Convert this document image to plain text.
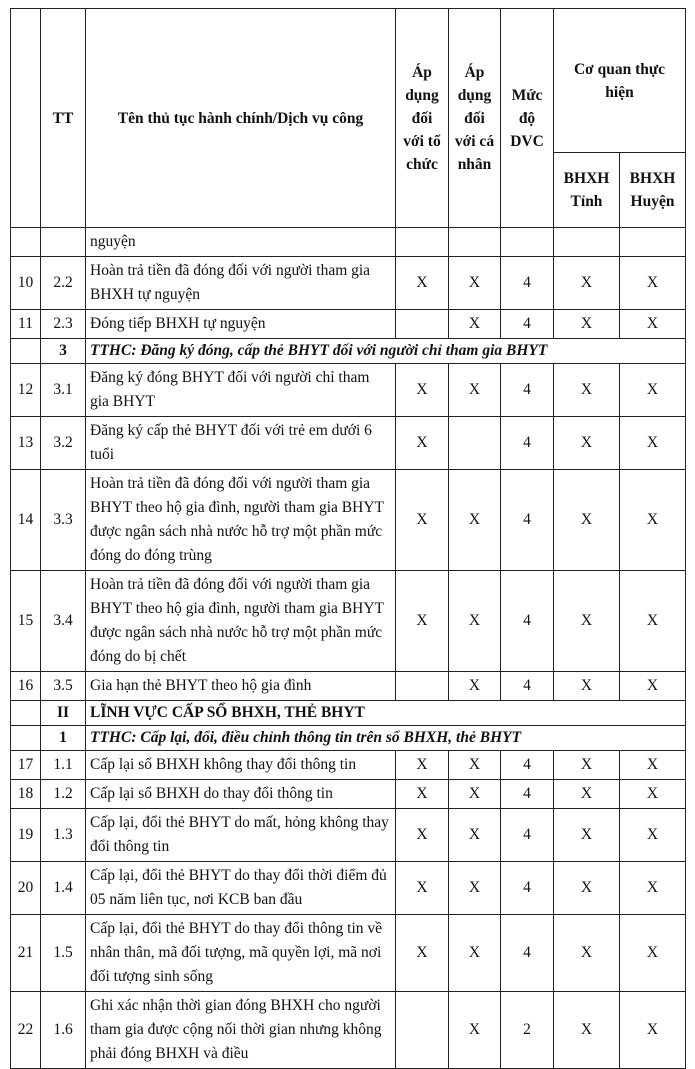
	TT	Tên thủ tục hành chính/Dịch vụ công	Áp dụng đối với tổ chức	Áp dụng đối với cá nhân	Mức độ DVC	Cơ quan thực hiện	
						BHXH Tỉnh	BHXH Huyện
		nguyện					
10	2.2	Hoàn trả tiền đã đóng đối với người tham gia BHXH tự nguyện	X	X	4	X	X
11	2.3	Đóng tiếp BHXH tự nguyện		X	4	X	X
	3	TTHC: Đăng ký đóng, cấp thẻ BHYT đối với người chỉ tham gia BHYT					
12	3.1	Đăng ký đóng BHYT đối với người chỉ tham gia BHYT	X	X	4	X	X
13	3.2	Đăng ký cấp thẻ BHYT đối với trẻ em dưới 6 tuổi	X		4	X	X
14	3.3	Hoàn trả tiền đã đóng đối với người tham gia BHYT theo hộ gia đình, người tham gia BHYT được ngân sách nhà nước hỗ trợ một phần mức đóng do đóng trùng	X	X	4	X	X
15	3.4	Hoàn trả tiền đã đóng đối với người tham gia BHYT theo hộ gia đình, người tham gia BHYT được ngân sách nhà nước hỗ trợ một phần mức đóng do bị chết	X	X	4	X	X
16	3.5	Gia hạn thẻ BHYT theo hộ gia đình		X	4	X	X
	II	LĨNH VỰC CẤP SỔ BHXH, THẺ BHYT					
	1	TTHC: Cấp lại, đổi, điều chỉnh thông tin trên sổ BHXH, thẻ BHYT					
17	1.1	Cấp lại sổ BHXH không thay đổi thông tin	X	X	4	X	X
18	1.2	Cấp lại sổ BHXH do thay đổi thông tin	X	X	4	X	X
19	1.3	Cấp lại, đổi thẻ BHYT do mất, hỏng không thay đổi thông tin	X	X	4	X	X
20	1.4	Cấp lại, đổi thẻ BHYT do thay đổi thời điểm đủ 05 năm liên tục, nơi KCB ban đầu	X	X	4	X	X
21	1.5	Cấp lại, đổi thẻ BHYT do thay đổi thông tin về nhân thân, mã đối tượng, mã quyền lợi, mã nơi đối tượng sinh sống	X	X	4	X	X
22	1.6	Ghi xác nhận thời gian đóng BHXH cho người tham gia được cộng nối thời gian nhưng không phải đóng BHXH và điều		X	2	X	X
